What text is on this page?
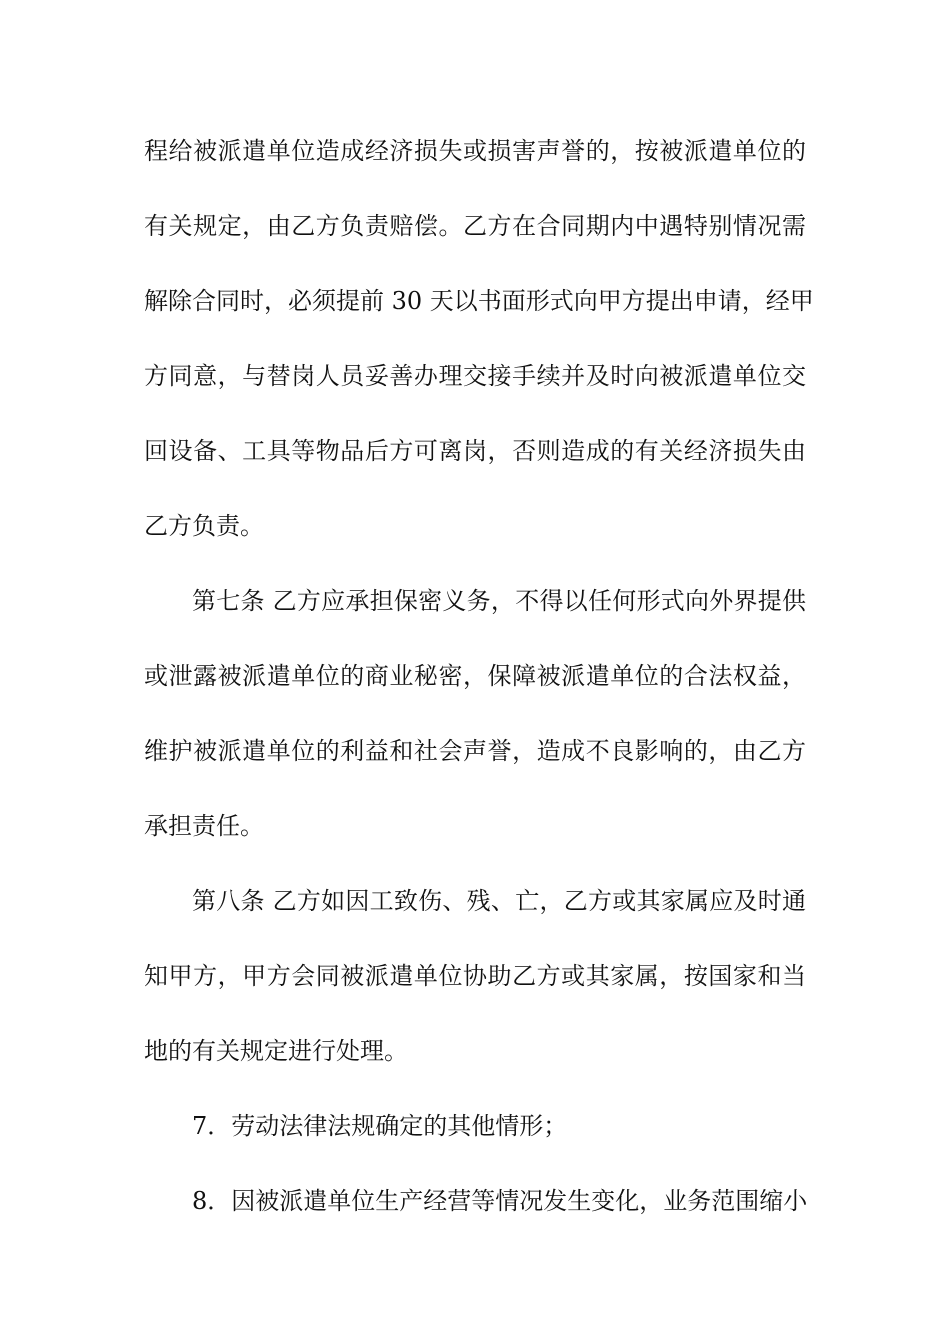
程给被派遣单位造成经济损失或损害声誉的，按被派遣单位的
有关规定，由乙方负责赔偿。乙方在合同期内中遇特别情况需
解除合同时，必须提前 30 天以书面形式向甲方提出申请，经甲
方同意，与替岗人员妥善办理交接手续并及时向被派遣单位交
回设备、工具等物品后方可离岗，否则造成的有关经济损失由
乙方负责。
第七条 乙方应承担保密义务，不得以任何形式向外界提供
或泄露被派遣单位的商业秘密，保障被派遣单位的合法权益，
维护被派遣单位的利益和社会声誉，造成不良影响的，由乙方
承担责任。
第八条 乙方如因工致伤、残、亡，乙方或其家属应及时通
知甲方，甲方会同被派遣单位协助乙方或其家属，按国家和当
地的有关规定进行处理。
7．劳动法律法规确定的其他情形；
8．因被派遣单位生产经营等情况发生变化，业务范围缩小
